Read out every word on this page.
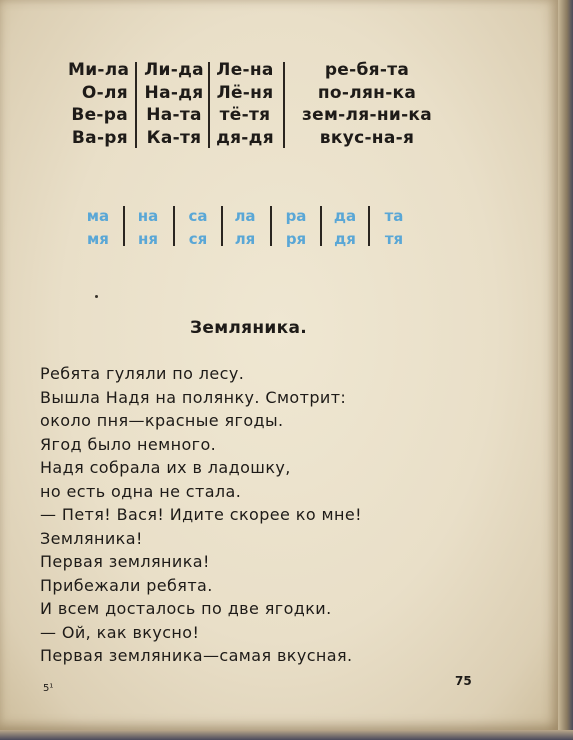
Ми-ла
О-ля
Ве-ра
Ва-ря
Ли-да
На-дя
На-та
Ка-тя
Ле-на
Лё-ня
тё-тя
дя-дя
ре-бя-та
по-лян-ка
зем-ля-ни-ка
вкус-на-я
ма
мя
на
ня
са
ся
ла
ля
ра
ря
да
дя
та
тя
Земляника.
Ребята гуляли по лесу.
Вышла Надя на полянку. Смотрит:
около пня—красные ягоды.
Ягод было немного.
Надя собрала их в ладошку,
но есть одна не стала.
— Петя! Вася! Идите скорее ко мне!
Земляника!
Первая земляника!
Прибежали ребята.
И всем досталось по две ягодки.
— Ой, как вкусно!
Первая земляника—самая вкусная.
5¹
75
